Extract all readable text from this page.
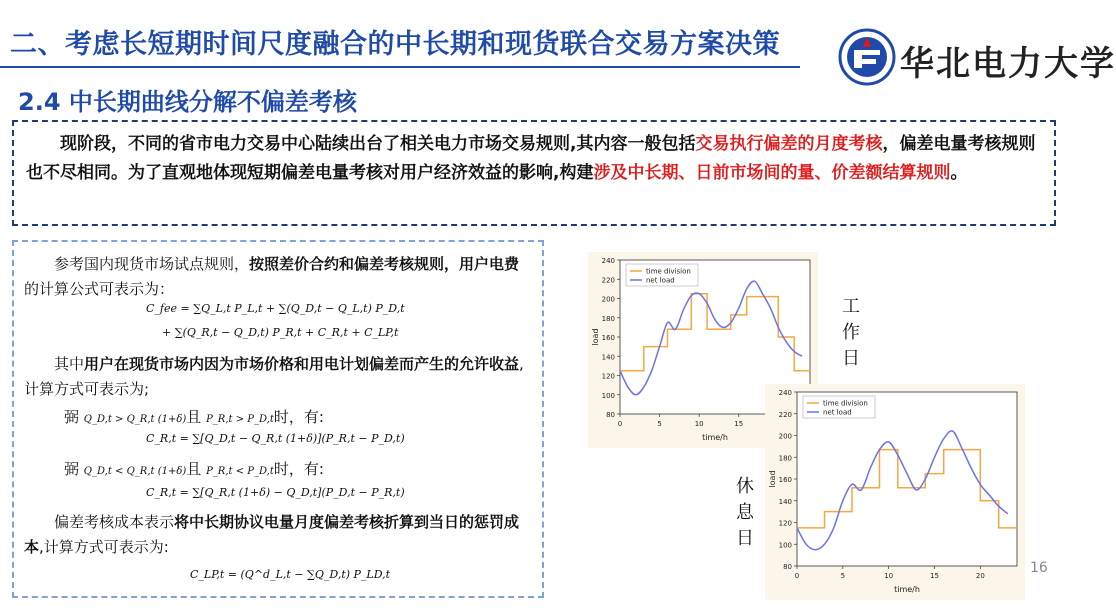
二、考虑长短期时间尺度融合的中长期和现货联合交易方案决策	华北电力大学
2.4 中长期曲线分解不偏差考核
  现阶段，不同的省市电力交易中心陆续出台了相关电力市场交易规则,其内容一般包括交易执行偏差的月度考核，偏差电量考核规则也不尽相同。为了直观地体现短期偏差电量考核对用户经济效益的影响,构建涉及中长期、日前市场间的量、价差额结算规则。
  参考国内现货市场试点规则，按照差价合约和偏差考核规则，用户电费的计算公式可表示为：
C_fee = ∑Q_L,t P_L,t + ∑(Q_D,t − Q_L,t) P_D,t
+ ∑(Q_R,t − Q_D,t) P_R,t + C_R,t + C_LP,t
  其中用户在现货市场内因为市场价格和用电计划偏差而产生的允许收益,计算方式可表示为;
弼 Q_D,t > Q_R,t (1+δ)且 P_R,t > P_D,t时，有:
C_R,t = ∑[Q_D,t − Q_R,t (1+δ)](P_R,t − P_D,t)
弼 Q_D,t < Q_R,t (1+δ)且 P_R,t < P_D,t时，有:
C_R,t = ∑[Q_R,t (1+δ) − Q_D,t](P_D,t − P_R,t)
  偏差考核成本表示将中长期协议电量月度偏差考核折算到当日的惩罚成本,计算方式可表示为:
C_LP,t = (Q^d_L,t − ∑Q_D,t) P_LD,t
80
100
120
140
160
180
200
220
240
0	5	10	15
time/h
load
time division
net load
80
100
120
140
160
180
200
220
240
0	5	10	15	20
time/h
load
time division
net load
工
作
日
休
息
日
16
